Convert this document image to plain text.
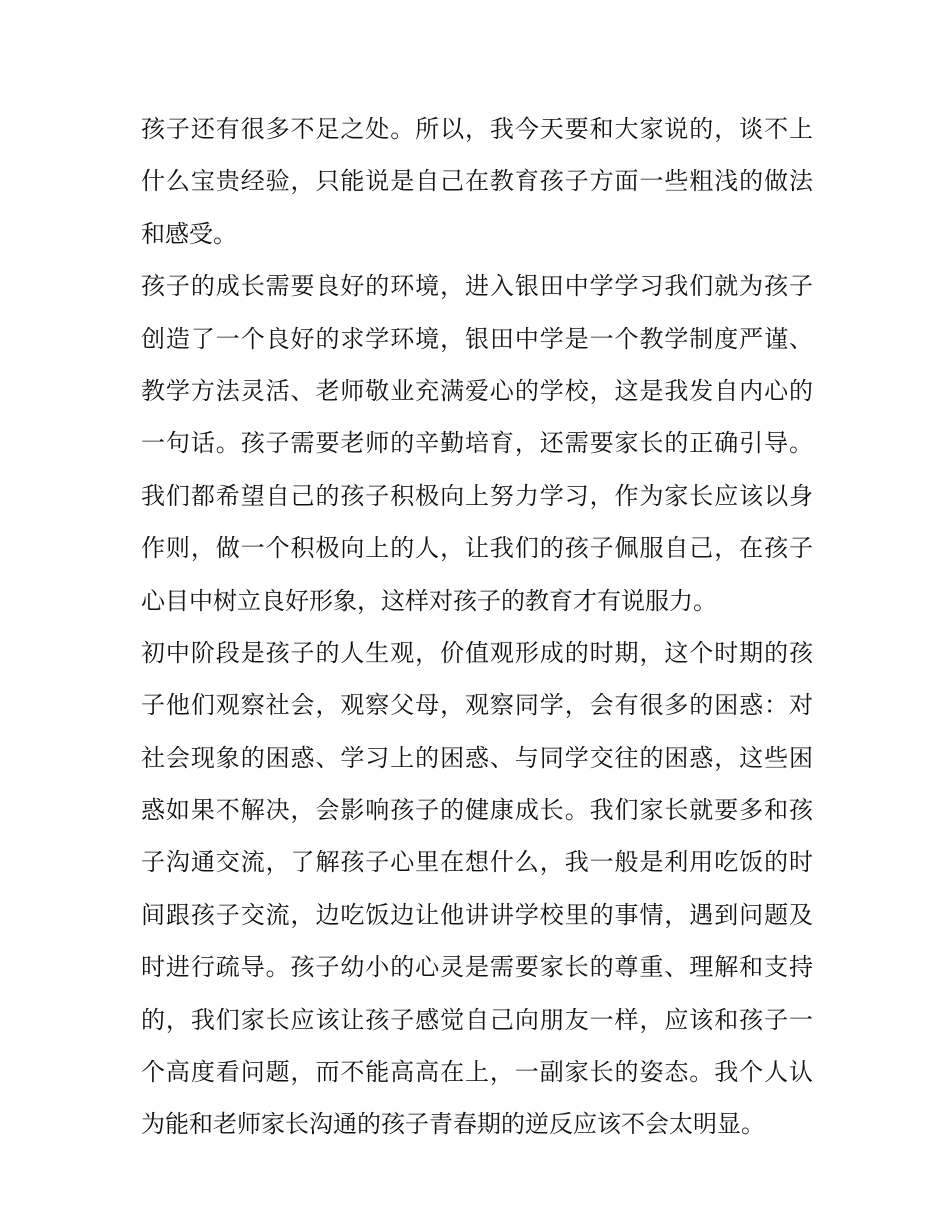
孩子还有很多不足之处。所以，我今天要和大家说的，谈不上
什么宝贵经验，只能说是自己在教育孩子方面一些粗浅的做法
和感受。
孩子的成长需要良好的环境，进入银田中学学习我们就为孩子
创造了一个良好的求学环境，银田中学是一个教学制度严谨、
教学方法灵活、老师敬业充满爱心的学校，这是我发自内心的
一句话。孩子需要老师的辛勤培育，还需要家长的正确引导。
我们都希望自己的孩子积极向上努力学习，作为家长应该以身
作则，做一个积极向上的人，让我们的孩子佩服自己，在孩子
心目中树立良好形象，这样对孩子的教育才有说服力。
初中阶段是孩子的人生观，价值观形成的时期，这个时期的孩
子他们观察社会，观察父母，观察同学，会有很多的困惑：对
社会现象的困惑、学习上的困惑、与同学交往的困惑，这些困
惑如果不解决，会影响孩子的健康成长。我们家长就要多和孩
子沟通交流，了解孩子心里在想什么，我一般是利用吃饭的时
间跟孩子交流，边吃饭边让他讲讲学校里的事情，遇到问题及
时进行疏导。孩子幼小的心灵是需要家长的尊重、理解和支持
的，我们家长应该让孩子感觉自己向朋友一样，应该和孩子一
个高度看问题，而不能高高在上，一副家长的姿态。我个人认
为能和老师家长沟通的孩子青春期的逆反应该不会太明显。
